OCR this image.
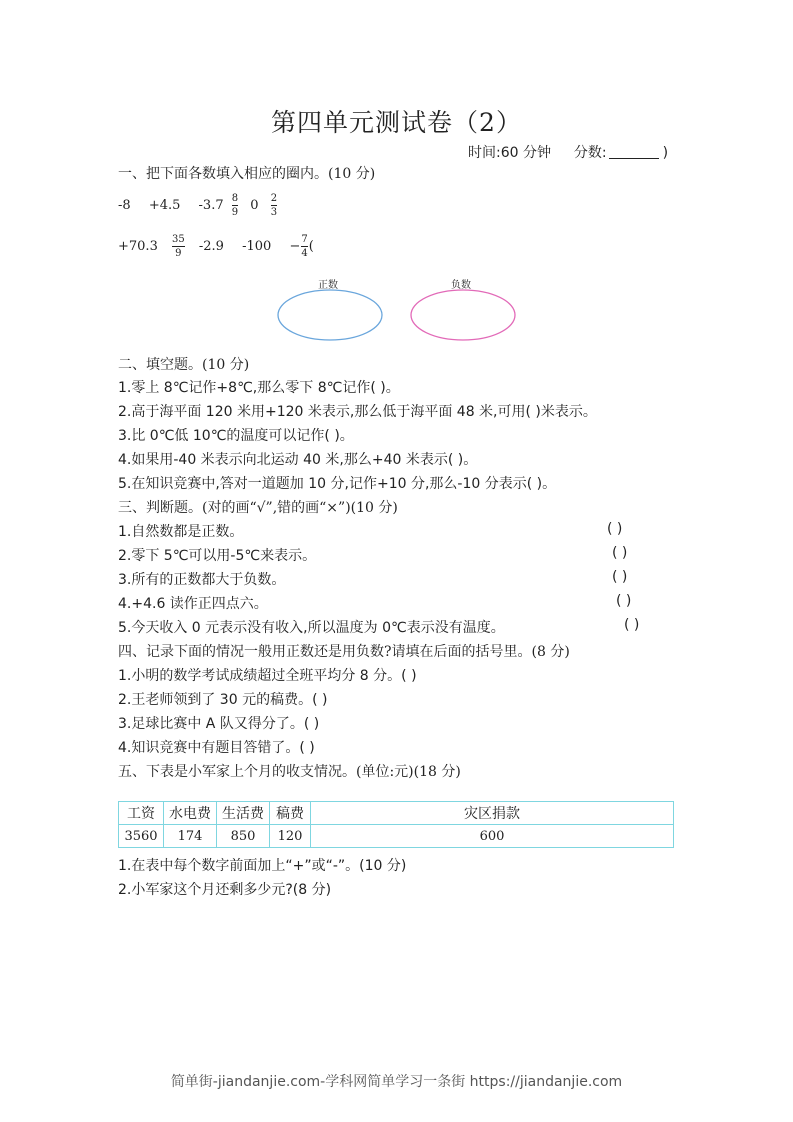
第四单元测试卷（2）
时间:60 分钟 分数:	)
一、把下面各数填入相应的圈内。(10 分)
-8 +4.5 $-3.7 \frac{8}{9} 0 \frac{2}{3}$
$+70.3 \frac{35}{9} -2.9$ $-100 - \frac{7}{4}$ (
正数	负数
二、填空题。(10 分)
1.零上 8℃记作+8℃,那么零下 8℃记作( )。
2.高于海平面 120 米用+120 米表示,那么低于海平面 48 米,可用( )米表示。
3.比 0℃低 10℃的温度可以记作( )。
4.如果用-40 米表示向北运动 40 米,那么+40 米表示( )。
5.在知识竞赛中,答对一道题加 10 分,记作+10 分,那么-10 分表示( )。
三、判断题。(对的画“√”,错的画“×”)(10 分)
1.自然数都是正数。	( )
2.零下 5℃可以用-5℃来表示。	( )
3.所有的正数都大于负数。	( )
4.+4.6 读作正四点六。	( )
5.今天收入 0 元表示没有收入,所以温度为 0℃表示没有温度。	( )
四、记录下面的情况一般用正数还是用负数?请填在后面的括号里。(8 分)
1.小明的数学考试成绩超过全班平均分 8 分。( )
2.王老师领到了 30 元的稿费。( )
3.足球比赛中 A 队又得分了。( )
4.知识竞赛中有题目答错了。( )
五、下表是小军家上个月的收支情况。(单位:元)(18 分)
工资	水电费	生活费	稿费	灾区捐款
3560	174	850	120	600
1.在表中每个数字前面加上“+”或“-”。(10 分)
2.小军家这个月还剩多少元?(8 分)
简单街-jiandanjie.com-学科网简单学习一条街 https://jiandanjie.com
